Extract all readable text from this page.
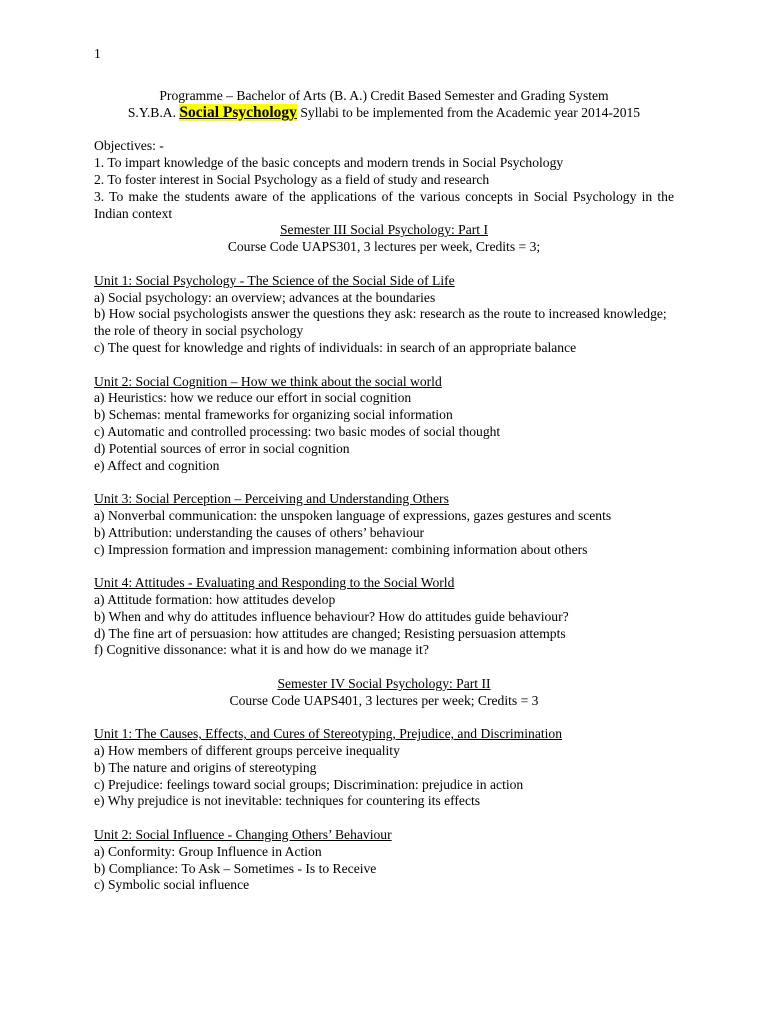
1
Programme – Bachelor of Arts (B. A.) Credit Based Semester and Grading System
S.Y.B.A. Social Psychology Syllabi to be implemented from the Academic year 2014-2015
Objectives: -
1. To impart knowledge of the basic concepts and modern trends in Social Psychology
2. To foster interest in Social Psychology as a field of study and research
3. To make the students aware of the applications of the various concepts in Social Psychology in the Indian context
Semester III Social Psychology: Part I
Course Code UAPS301, 3 lectures per week, Credits = 3;
Unit 1: Social Psychology - The Science of the Social Side of Life
a) Social psychology: an overview; advances at the boundaries
b) How social psychologists answer the questions they ask: research as the route to increased knowledge; the role of theory in social psychology
c) The quest for knowledge and rights of individuals: in search of an appropriate balance
Unit 2: Social Cognition – How we think about the social world
a) Heuristics: how we reduce our effort in social cognition
b) Schemas: mental frameworks for organizing social information
c) Automatic and controlled processing: two basic modes of social thought
d) Potential sources of error in social cognition
e) Affect and cognition
Unit 3: Social Perception – Perceiving and Understanding Others
a) Nonverbal communication: the unspoken language of expressions, gazes gestures and scents
b) Attribution: understanding the causes of others’ behaviour
c) Impression formation and impression management: combining information about others
Unit 4: Attitudes - Evaluating and Responding to the Social World
a) Attitude formation: how attitudes develop
b) When and why do attitudes influence behaviour? How do attitudes guide behaviour?
d) The fine art of persuasion: how attitudes are changed; Resisting persuasion attempts
f) Cognitive dissonance: what it is and how do we manage it?
Semester IV Social Psychology: Part II
Course Code UAPS401, 3 lectures per week; Credits = 3
Unit 1: The Causes, Effects, and Cures of Stereotyping, Prejudice, and Discrimination
a) How members of different groups perceive inequality
b) The nature and origins of stereotyping
c) Prejudice: feelings toward social groups; Discrimination: prejudice in action
e) Why prejudice is not inevitable: techniques for countering its effects
Unit 2: Social Influence - Changing Others’ Behaviour
a) Conformity: Group Influence in Action
b) Compliance: To Ask – Sometimes - Is to Receive
c) Symbolic social influence
